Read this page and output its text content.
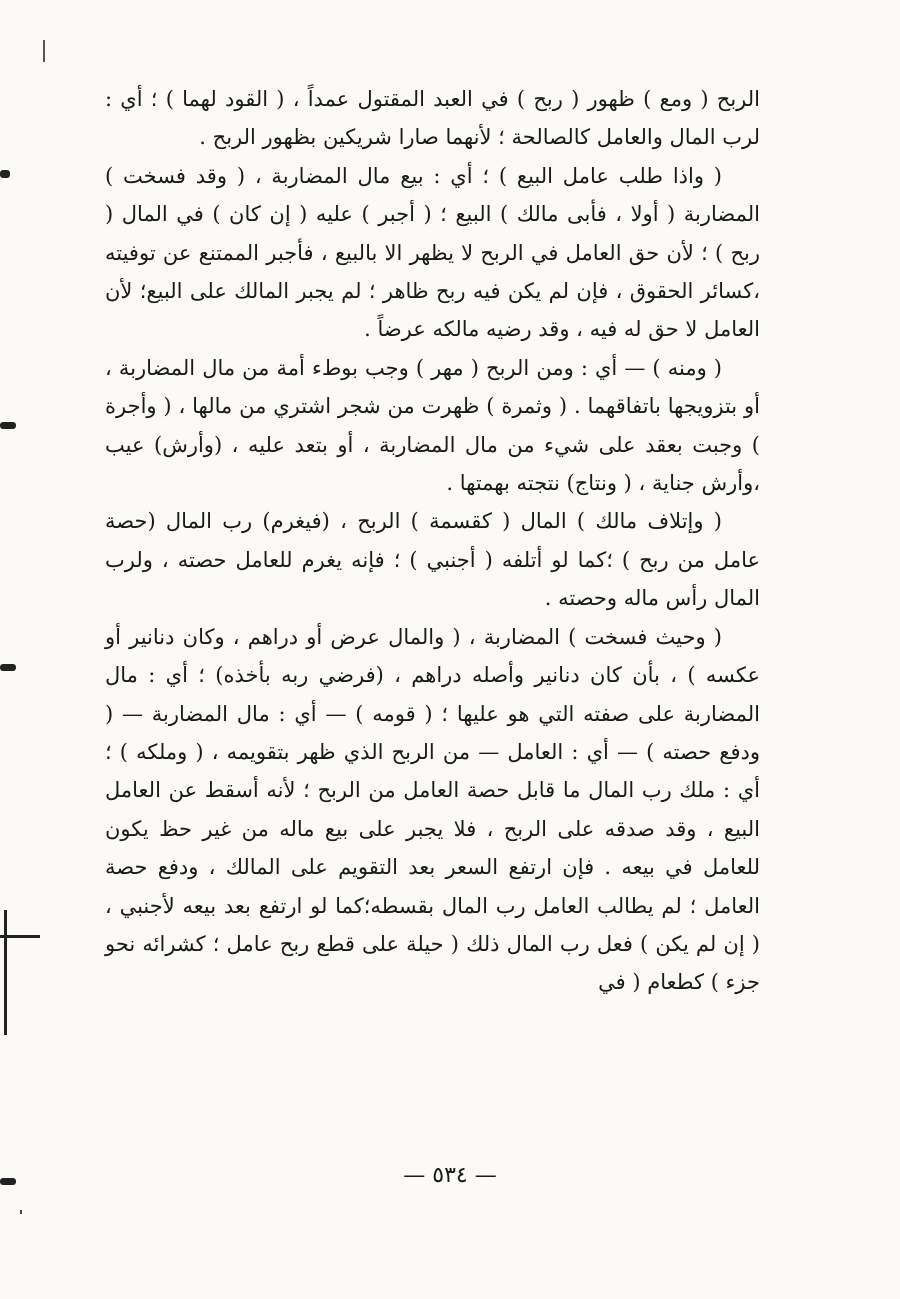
الربح ( ومع ) ظهور ( ربح ) في العبد المقتول عمداً ، ( القود لهما ) ؛ أي : لرب المال والعامل كالصالحة ؛ لأنهما صارا شريكين بظهور الربح .

( واذا طلب عامل البيع ) ؛ أي : بيع مال المضاربة ، ( وقد فسخت ) المضاربة ( أولا ، فأبى مالك ) البيع ؛ ( أجبر ) عليه ( إن كان ) في المال ( ربح ) ؛ لأن حق العامل في الربح لا يظهر الا بالبيع ، فأجبر الممتنع عن توفيته ،كسائر الحقوق ، فإن لم يكن فيه ربح ظاهر ؛ لم يجبر المالك على البيع؛ لأن العامل لا حق له فيه ، وقد رضيه مالكه عرضاً .

( ومنه ) — أي : ومن الربح ( مهر ) وجب بوطء أمة من مال المضاربة ، أو بتزويجها باتفاقهما . ( وثمرة ) ظهرت من شجر اشتري من مالها ، ( وأجرة ) وجبت بعقد على شيء من مال المضاربة ، أو بتعد عليه ، (وأرش) عيب ،وأرش جناية ، ( ونتاج) نتجته بهمتها .

( وإتلاف مالك ) المال ( كقسمة ) الربح ، (فيغرم) رب المال (حصة عامل من ربح ) ؛كما لو أتلفه ( أجنبي ) ؛ فإنه يغرم للعامل حصته ، ولرب المال رأس ماله وحصته .

( وحيث فسخت ) المضاربة ، ( والمال عرض أو دراهم ، وكان دنانير أو عكسه ) ، بأن كان دنانير وأصله دراهم ، (فرضي ربه بأخذه) ؛ أي : مال المضاربة على صفته التي هو عليها ؛ ( قومه ) — أي : مال المضاربة — ( ودفع حصته ) — أي : العامل — من الربح الذي ظهر بتقويمه ، ( وملكه ) ؛ أي : ملك رب المال ما قابل حصة العامل من الربح ؛ لأنه أسقط عن العامل البيع ، وقد صدقه على الربح ، فلا يجبر على بيع ماله من غير حظ يكون للعامل في بيعه . فإن ارتفع السعر بعد التقويم على المالك ، ودفع حصة العامل ؛ لم يطالب العامل رب المال بقسطه؛كما لو ارتفع بعد بيعه لأجنبي ، ( إن لم يكن ) فعل رب المال ذلك ( حيلة على قطع ربح عامل ؛ كشرائه نحو جزء ) كطعام ( في

— ٥٣٤ —
